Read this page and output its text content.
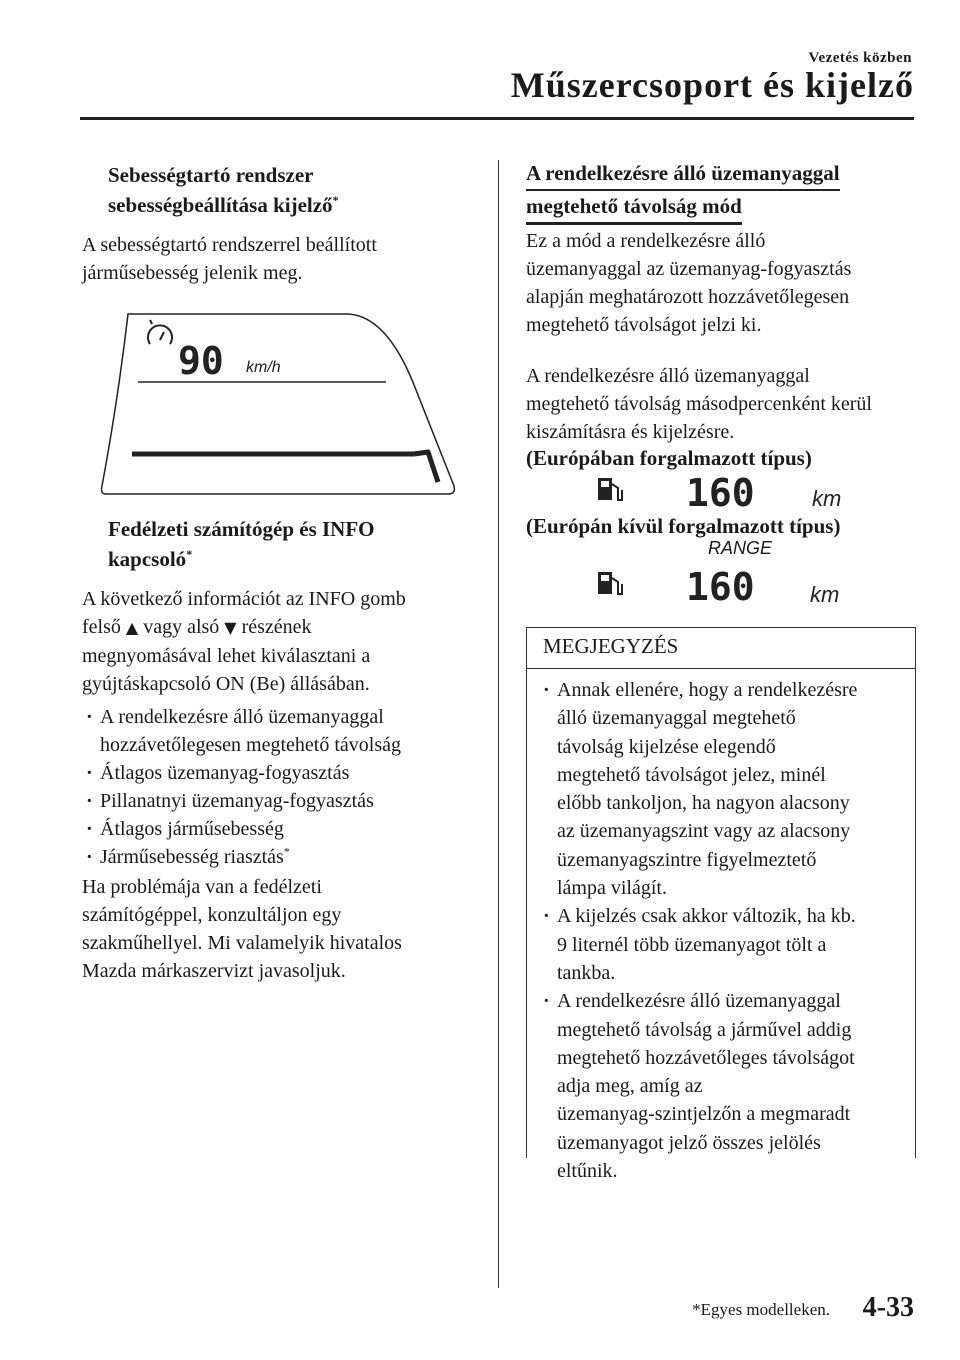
Vezetés közben
Műszercsoport és kijelző
Sebességtartó rendszer
sebességbeállítása kijelző*
A sebességtartó rendszerrel beállított
járműsebesség jelenik meg.
90 km/h
Fedélzeti számítógép és INFO
kapcsoló*
A következő információt az INFO gomb
felső ▲ vagy alsó ▼ részének
megnyomásával lehet kiválasztani a
gyújtáskapcsoló ON (Be) állásában.
· A rendelkezésre álló üzemanyaggal
hozzávetőlegesen megtehető távolság
· Átlagos üzemanyag-fogyasztás
· Pillanatnyi üzemanyag-fogyasztás
· Átlagos járműsebesség
· Járműsebesség riasztás*
Ha problémája van a fedélzeti
számítógéppel, konzultáljon egy
szakműhellyel. Mi valamelyik hivatalos
Mazda márkaszervizt javasoljuk.
A rendelkezésre álló üzemanyaggal
megtehető távolság mód
Ez a mód a rendelkezésre álló
üzemanyaggal az üzemanyag-fogyasztás
alapján meghatározott hozzávetőlegesen
megtehető távolságot jelzi ki.
A rendelkezésre álló üzemanyaggal
megtehető távolság másodpercenként kerül
kiszámításra és kijelzésre.
(Európában forgalmazott típus)
160	km
(Európán kívül forgalmazott típus)
RANGE
160	km
MEGJEGYZÉS
· Annak ellenére, hogy a rendelkezésre
álló üzemanyaggal megtehető
távolság kijelzése elegendő
megtehető távolságot jelez, minél
előbb tankoljon, ha nagyon alacsony
az üzemanyagszint vagy az alacsony
üzemanyagszintre figyelmeztető
lámpa világít.
· A kijelzés csak akkor változik, ha kb.
9 liternél több üzemanyagot tölt a
tankba.
· A rendelkezésre álló üzemanyaggal
megtehető távolság a járművel addig
megtehető hozzávetőleges távolságot
adja meg, amíg az
üzemanyag-szintjelzőn a megmaradt
üzemanyagot jelző összes jelölés
eltűnik.
*Egyes modelleken. 4-33
